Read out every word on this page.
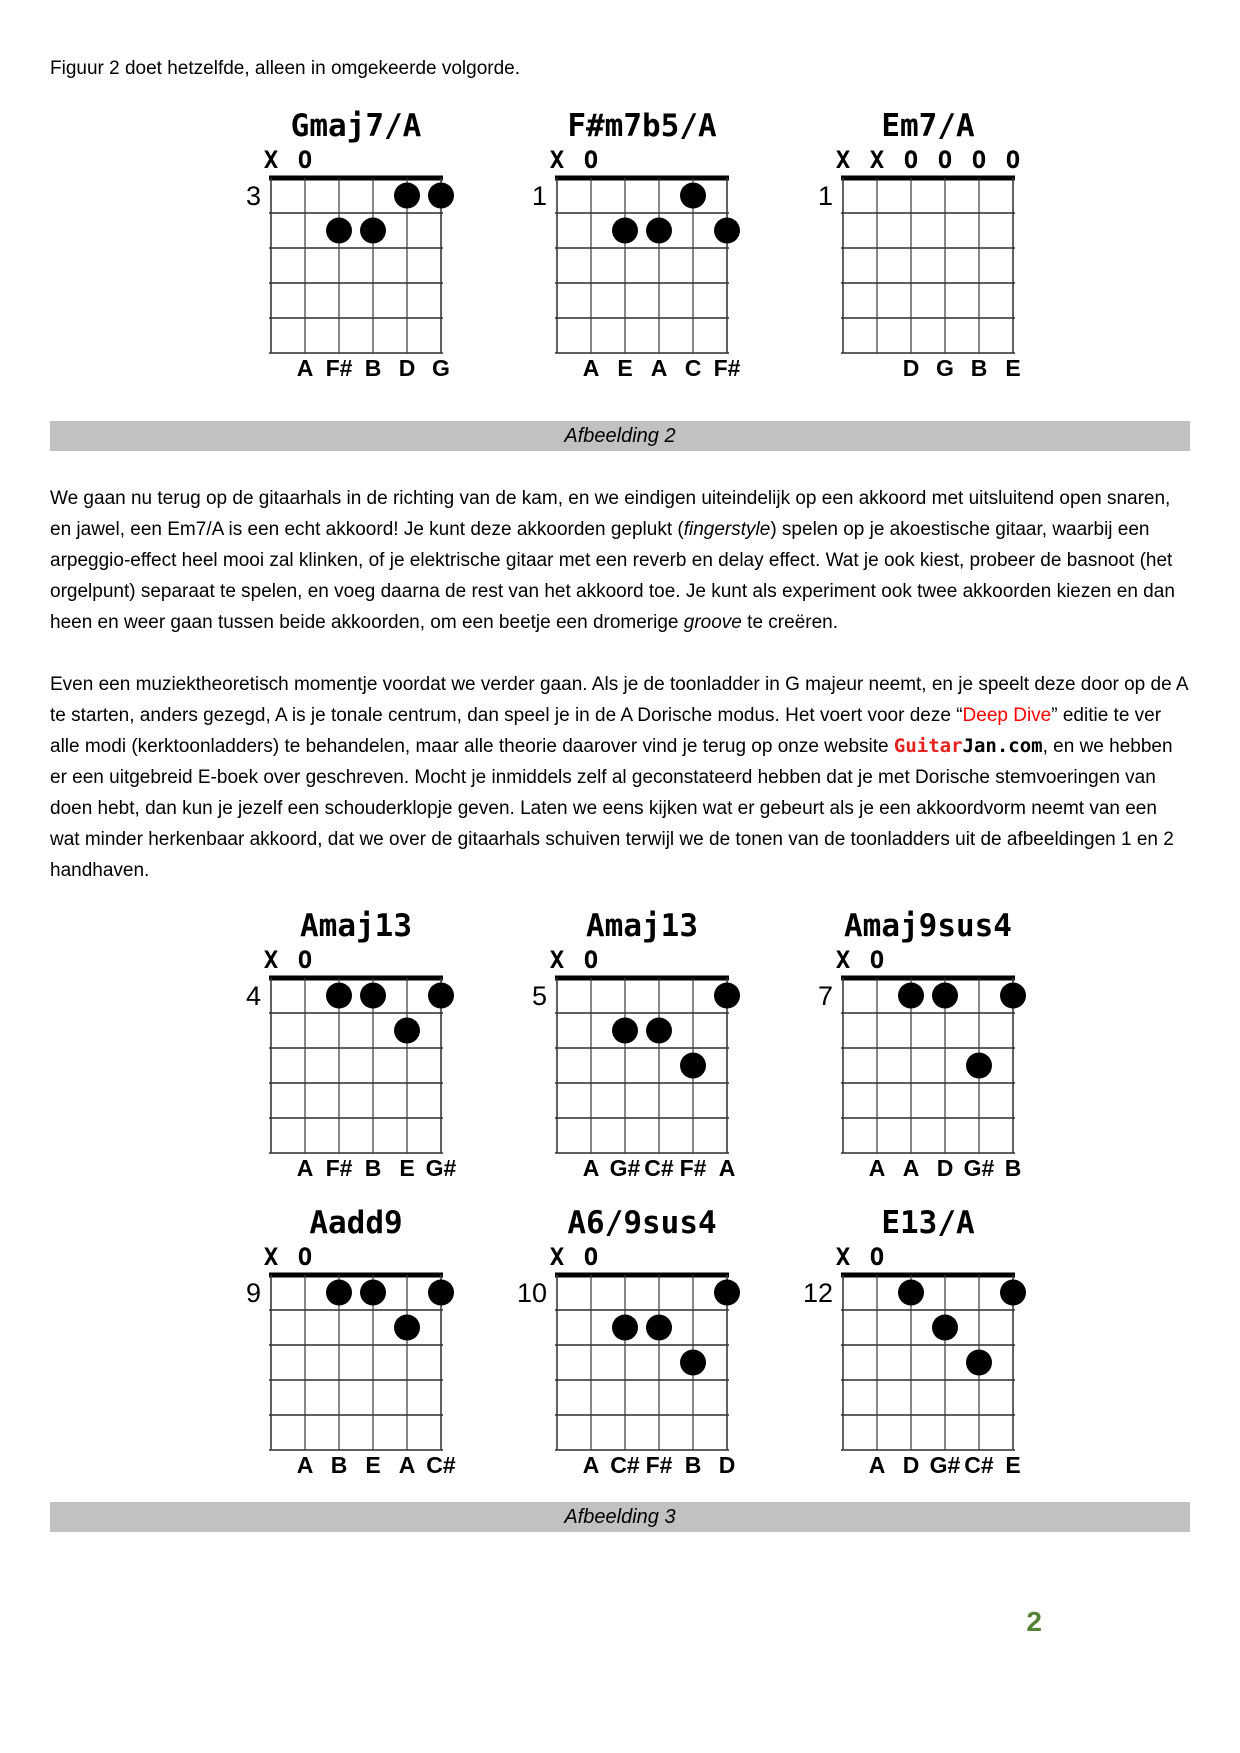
Figuur 2 doet hetzelfde, alleen in omgekeerde volgorde.

Gmaj7/A
X O
3
A F# B D G
F#m7b5/A
X O
1
A E A C F#
Em7/A
X X O O O O
1
D G B E
Afbeelding 2
We gaan nu terug op de gitaarhals in de richting van de kam, en we eindigen uiteindelijk op een akkoord met uitsluitend open snaren, en jawel, een Em7/A is een echt akkoord! Je kunt deze akkoorden geplukt (fingerstyle) spelen op je akoestische gitaar, waarbij een arpeggio-effect heel mooi zal klinken, of je elektrische gitaar met een reverb en delay effect. Wat je ook kiest, probeer de basnoot (het orgelpunt) separaat te spelen, en voeg daarna de rest van het akkoord toe. Je kunt als experiment ook twee akkoorden kiezen en dan heen en weer gaan tussen beide akkoorden, om een beetje een dromerige groove te creëren.
Even een muziektheoretisch momentje voordat we verder gaan. Als je de toonladder in G majeur neemt, en je speelt deze door op de A te starten, anders gezegd, A is je tonale centrum, dan speel je in de A Dorische modus. Het voert voor deze “Deep Dive” editie te ver alle modi (kerktoonladders) te behandelen, maar alle theorie daarover vind je terug op onze website GuitarJan.com, en we hebben er een uitgebreid E-boek over geschreven. Mocht je inmiddels zelf al geconstateerd hebben dat je met Dorische stemvoeringen van doen hebt, dan kun je jezelf een schouderklopje geven. Laten we eens kijken wat er gebeurt als je een akkoordvorm neemt van een wat minder herkenbaar akkoord, dat we over de gitaarhals schuiven terwijl we de tonen van de toonladders uit de afbeeldingen 1 en 2 handhaven.
Amaj13
X O
4
A F# B E G#
Amaj13
X O
5
A G# C# F# A
Amaj9sus4
X O
7
A A D G# B
Aadd9
X O
9
A B E A C#
A6/9sus4
X O
10
A C# F# B D
E13/A
X O
12
A D G# C# E
Afbeelding 3
2
